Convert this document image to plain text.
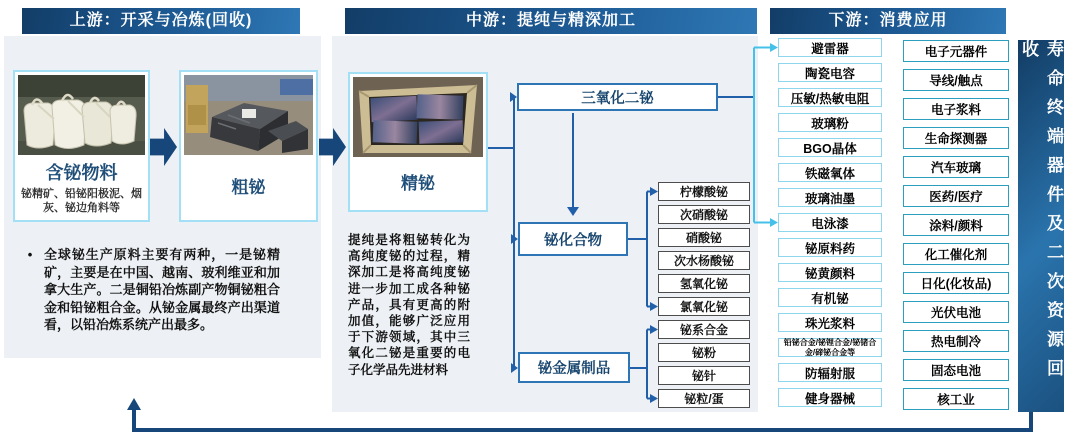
上游：开采与冶炼(回收)	中游：提纯与精深加工	下游：消费应用
含铋物料
铋精矿、铅铋阳极泥、烟灰、铋边角料等
粗铋
• 全球铋生产原料主要有两种，一是铋精矿，主要是在中国、越南、玻利维亚和加拿大生产。二是铜铅冶炼副产物铜铋粗合金和铅铋粗合金。从铋金属最终产出渠道看，以铅冶炼系统产出最多。
精铋
提纯是将粗铋转化为高纯度铋的过程，精深加工是将高纯度铋进一步加工成各种铋产品，具有更高的附加值，能够广泛应用于下游领域，其中三氧化二铋是重要的电子化学品先进材料
三氧化二铋
铋化合物
铋金属制品
柠檬酸铋
次硝酸铋
硝酸铋
次水杨酸铋
氢氧化铋
氯氧化铋
铋系合金
铋粉
铋针
铋粒/蛋
避雷器
陶瓷电容
压敏/热敏电阻
玻璃粉
BGO晶体
铁磁氧体
玻璃油墨
电泳漆
铋原料药
铋黄颜料
有机铋
珠光浆料
铅铋合金/铋锂合金/铋锗合金/碲铋合金等
防辐射服
健身器械
电子元器件
导线/触点
电子浆料
生命探测器
汽车玻璃
医药/医疗
涂料/颜料
化工催化剂
日化(化妆品)
光伏电池
热电制冷
固态电池
核工业
寿命终端器件及二次资源回收
